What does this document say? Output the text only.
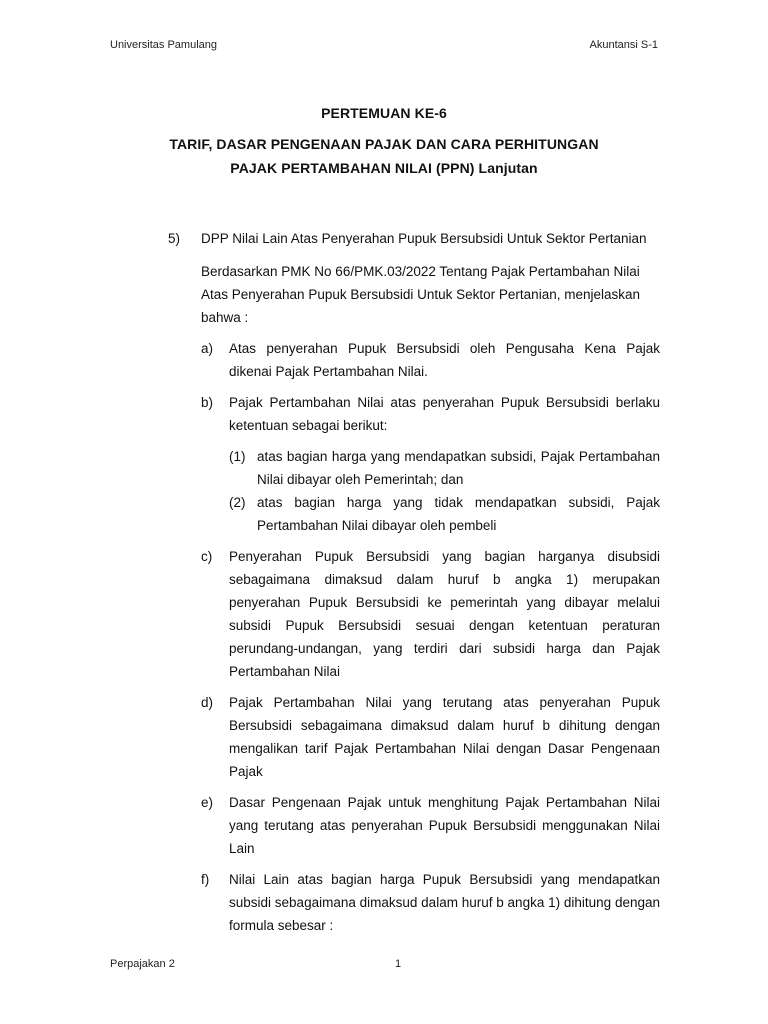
Universitas Pamulang	Akuntansi S-1
PERTEMUAN KE-6
TARIF, DASAR PENGENAAN PAJAK DAN CARA PERHITUNGAN
PAJAK PERTAMBAHAN NILAI (PPN) Lanjutan
5)	DPP Nilai Lain Atas Penyerahan Pupuk Bersubsidi Untuk Sektor Pertanian
Berdasarkan PMK No 66/PMK.03/2022 Tentang Pajak Pertambahan Nilai Atas Penyerahan Pupuk Bersubsidi Untuk Sektor Pertanian, menjelaskan bahwa :
a)	Atas penyerahan Pupuk Bersubsidi oleh Pengusaha Kena Pajak dikenai Pajak Pertambahan Nilai.
b)	Pajak Pertambahan Nilai atas penyerahan Pupuk Bersubsidi berlaku ketentuan sebagai berikut:
(1) atas bagian harga yang mendapatkan subsidi, Pajak Pertambahan Nilai dibayar oleh Pemerintah; dan
(2) atas bagian harga yang tidak mendapatkan subsidi, Pajak Pertambahan Nilai dibayar oleh pembeli
c)	Penyerahan Pupuk Bersubsidi yang bagian harganya disubsidi sebagaimana dimaksud dalam huruf b angka 1) merupakan penyerahan Pupuk Bersubsidi ke pemerintah yang dibayar melalui subsidi Pupuk Bersubsidi sesuai dengan ketentuan peraturan perundang-undangan, yang terdiri dari subsidi harga dan Pajak Pertambahan Nilai
d)	Pajak Pertambahan Nilai yang terutang atas penyerahan Pupuk Bersubsidi sebagaimana dimaksud dalam huruf b dihitung dengan mengalikan tarif Pajak Pertambahan Nilai dengan Dasar Pengenaan Pajak
e)	Dasar Pengenaan Pajak untuk menghitung Pajak Pertambahan Nilai yang terutang atas penyerahan Pupuk Bersubsidi menggunakan Nilai Lain
f)	Nilai Lain atas bagian harga Pupuk Bersubsidi yang mendapatkan subsidi sebagaimana dimaksud dalam huruf b angka 1) dihitung dengan formula sebesar :
Perpajakan 2	1
